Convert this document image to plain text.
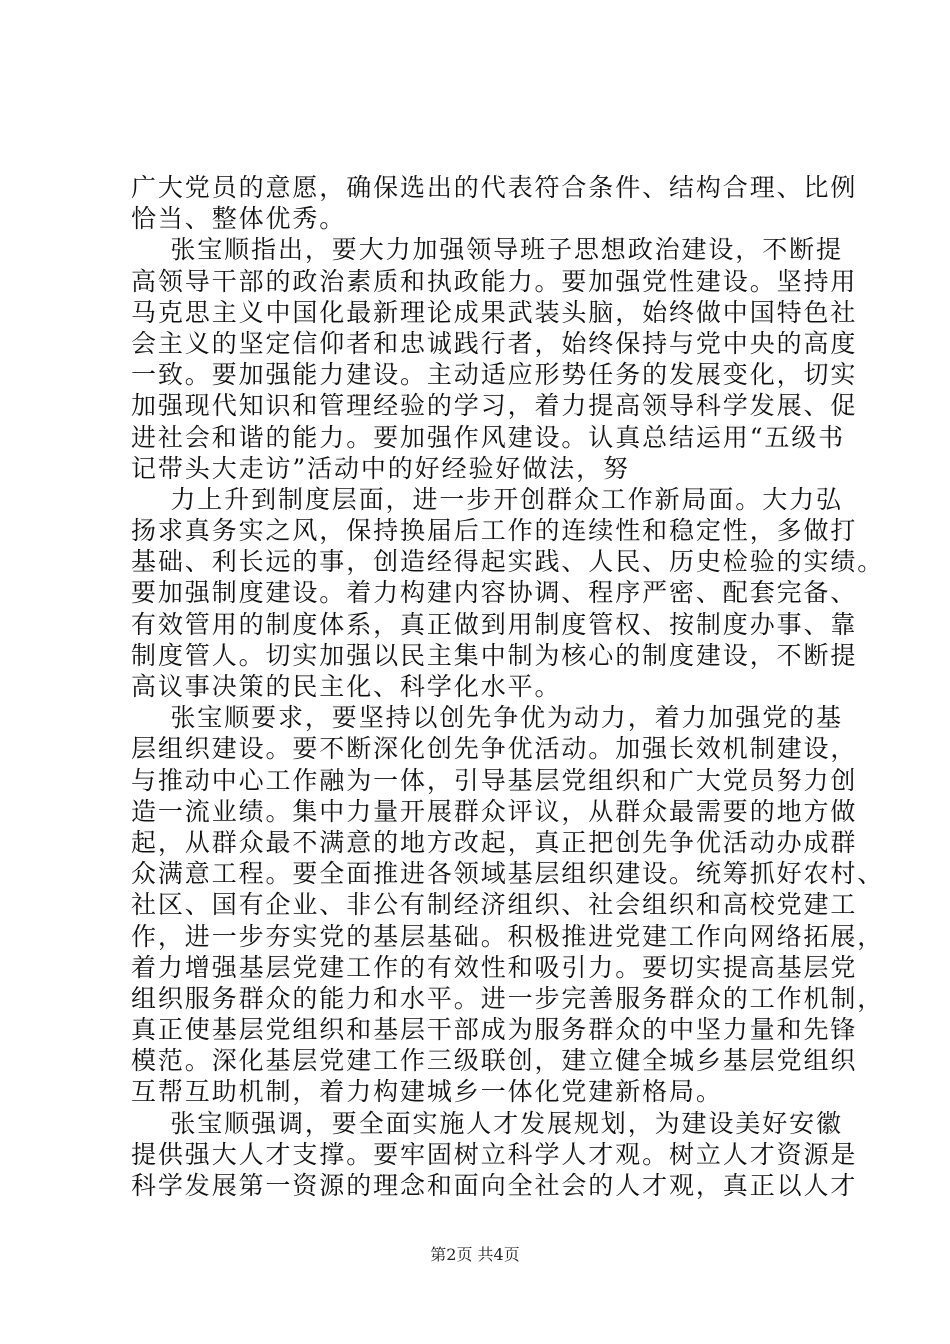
广大党员的意愿，确保选出的代表符合条件、结构合理、比例
恰当、整体优秀。
张宝顺指出，要大力加强领导班子思想政治建设，不断提
高领导干部的政治素质和执政能力。要加强党性建设。坚持用
马克思主义中国化最新理论成果武装头脑，始终做中国特色社
会主义的坚定信仰者和忠诚践行者，始终保持与党中央的高度
一致。要加强能力建设。主动适应形势任务的发展变化，切实
加强现代知识和管理经验的学习，着力提高领导科学发展、促
进社会和谐的能力。要加强作风建设。认真总结运用“五级书
记带头大走访”活动中的好经验好做法，努
力上升到制度层面，进一步开创群众工作新局面。大力弘
扬求真务实之风，保持换届后工作的连续性和稳定性，多做打
基础、利长远的事，创造经得起实践、人民、历史检验的实绩。
要加强制度建设。着力构建内容协调、程序严密、配套完备、
有效管用的制度体系，真正做到用制度管权、按制度办事、靠
制度管人。切实加强以民主集中制为核心的制度建设，不断提
高议事决策的民主化、科学化水平。
张宝顺要求，要坚持以创先争优为动力，着力加强党的基
层组织建设。要不断深化创先争优活动。加强长效机制建设，
与推动中心工作融为一体，引导基层党组织和广大党员努力创
造一流业绩。集中力量开展群众评议，从群众最需要的地方做
起，从群众最不满意的地方改起，真正把创先争优活动办成群
众满意工程。要全面推进各领域基层组织建设。统筹抓好农村、
社区、国有企业、非公有制经济组织、社会组织和高校党建工
作，进一步夯实党的基层基础。积极推进党建工作向网络拓展，
着力增强基层党建工作的有效性和吸引力。要切实提高基层党
组织服务群众的能力和水平。进一步完善服务群众的工作机制，
真正使基层党组织和基层干部成为服务群众的中坚力量和先锋
模范。深化基层党建工作三级联创，建立健全城乡基层党组织
互帮互助机制，着力构建城乡一体化党建新格局。
张宝顺强调，要全面实施人才发展规划，为建设美好安徽
提供强大人才支撑。要牢固树立科学人才观。树立人才资源是
科学发展第一资源的理念和面向全社会的人才观，真正以人才
第2页 共4页
